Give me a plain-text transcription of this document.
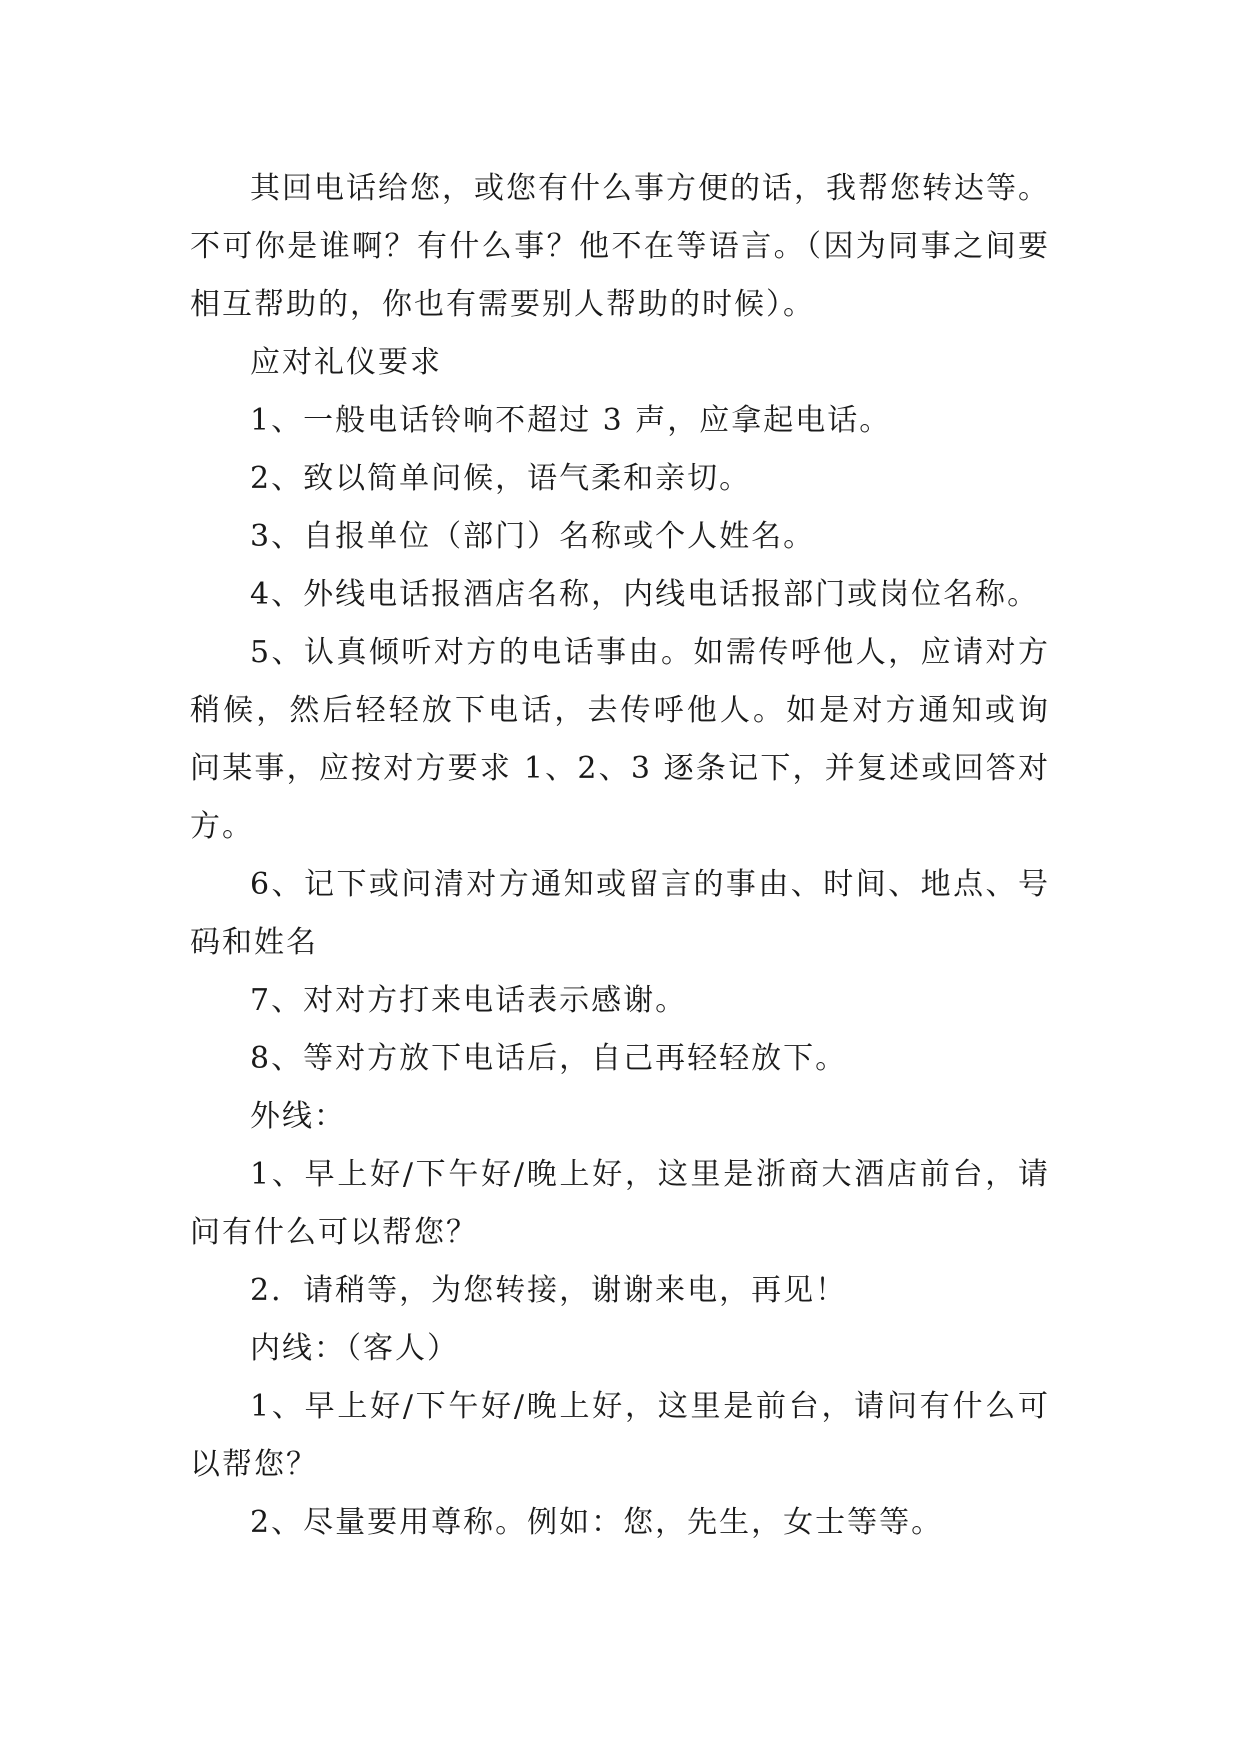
其回电话给您，或您有什么事方便的话，我帮您转达等。不可你是谁啊？有什么事？他不在等语言。（因为同事之间要相互帮助的，你也有需要别人帮助的时候）。

应对礼仪要求

1、一般电话铃响不超过 3 声，应拿起电话。

2、致以简单问候，语气柔和亲切。

3、自报单位（部门）名称或个人姓名。

4、外线电话报酒店名称，内线电话报部门或岗位名称。

5、认真倾听对方的电话事由。如需传呼他人，应请对方稍候，然后轻轻放下电话，去传呼他人。如是对方通知或询问某事，应按对方要求 1、2、3 逐条记下，并复述或回答对方。

6、记下或问清对方通知或留言的事由、时间、地点、号码和姓名

7、对对方打来电话表示感谢。

8、等对方放下电话后，自己再轻轻放下。

外线：

1、早上好/下午好/晚上好，这里是浙商大酒店前台，请问有什么可以帮您？

2．请稍等，为您转接，谢谢来电，再见！

内线：（客人）

1、早上好/下午好/晚上好，这里是前台，请问有什么可以帮您？

2、尽量要用尊称。例如：您，先生，女士等等。
